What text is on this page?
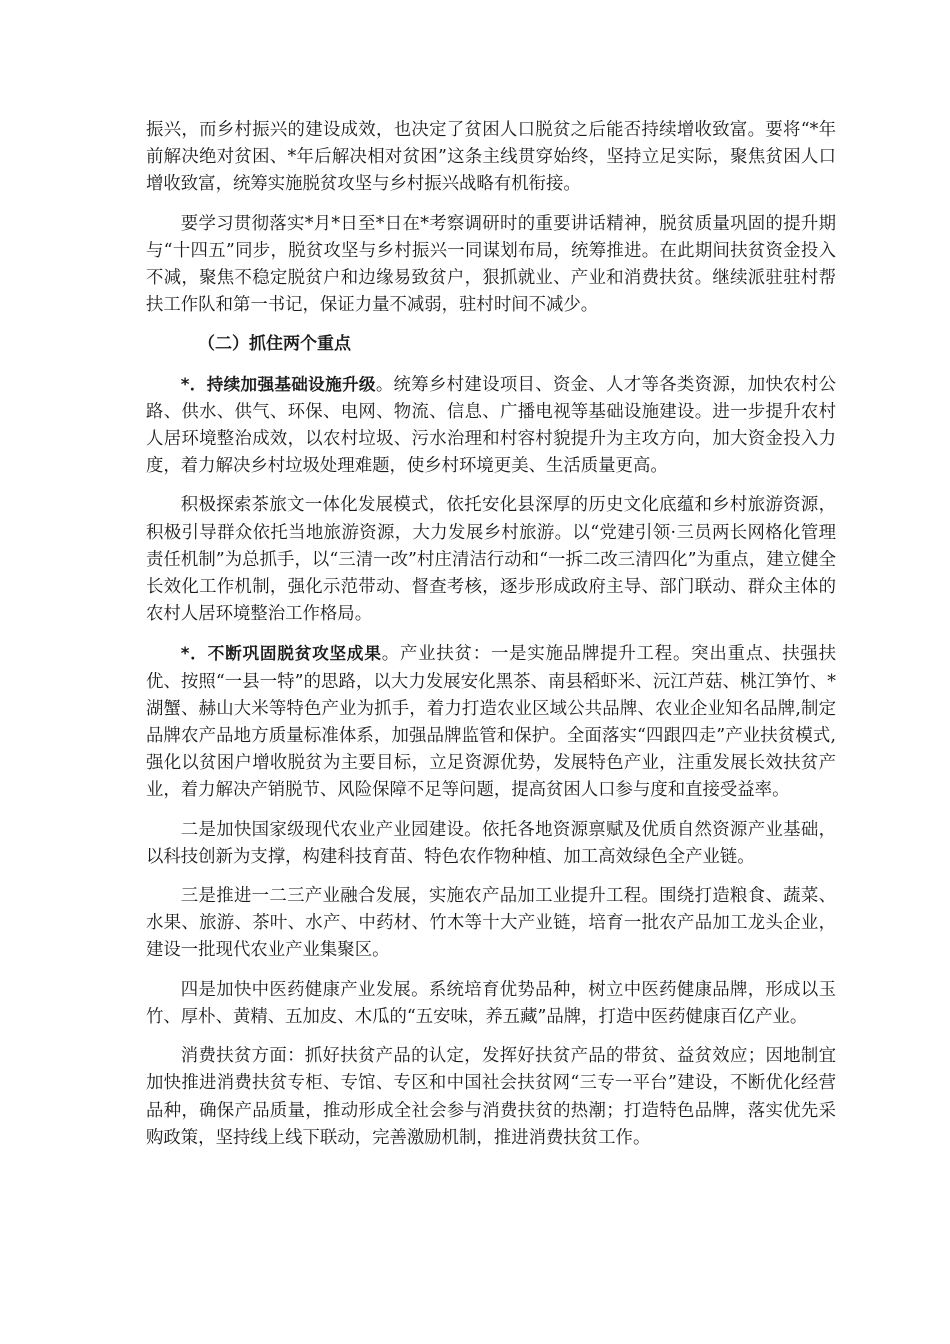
振兴，而乡村振兴的建设成效，也决定了贫困人口脱贫之后能否持续增收致富。要将“*年前解决绝对贫困、*年后解决相对贫困”这条主线贯穿始终，坚持立足实际，聚焦贫困人口增收致富，统筹实施脱贫攻坚与乡村振兴战略有机衔接。

要学习贯彻落实*月*日至*日在*考察调研时的重要讲话精神，脱贫质量巩固的提升期与“十四五”同步，脱贫攻坚与乡村振兴一同谋划布局，统筹推进。在此期间扶贫资金投入不减，聚焦不稳定脱贫户和边缘易致贫户，狠抓就业、产业和消费扶贫。继续派驻驻村帮扶工作队和第一书记，保证力量不减弱，驻村时间不减少。

（二）抓住两个重点

*．持续加强基础设施升级。统筹乡村建设项目、资金、人才等各类资源，加快农村公路、供水、供气、环保、电网、物流、信息、广播电视等基础设施建设。进一步提升农村人居环境整治成效，以农村垃圾、污水治理和村容村貌提升为主攻方向，加大资金投入力度，着力解决乡村垃圾处理难题，使乡村环境更美、生活质量更高。

积极探索茶旅文一体化发展模式，依托安化县深厚的历史文化底蕴和乡村旅游资源，积极引导群众依托当地旅游资源，大力发展乡村旅游。以“党建引领·三员两长网格化管理责任机制”为总抓手，以“三清一改”村庄清洁行动和“一拆二改三清四化”为重点，建立健全长效化工作机制，强化示范带动、督查考核，逐步形成政府主导、部门联动、群众主体的农村人居环境整治工作格局。

*．不断巩固脱贫攻坚成果。产业扶贫：一是实施品牌提升工程。突出重点、扶强扶优、按照“一县一特”的思路，以大力发展安化黑茶、南县稻虾米、沅江芦菇、桃江笋竹、*湖蟹、赫山大米等特色产业为抓手，着力打造农业区域公共品牌、农业企业知名品牌,制定品牌农产品地方质量标准体系，加强品牌监管和保护。全面落实“四跟四走”产业扶贫模式,强化以贫困户增收脱贫为主要目标，立足资源优势，发展特色产业，注重发展长效扶贫产业，着力解决产销脱节、风险保障不足等问题，提高贫困人口参与度和直接受益率。

二是加快国家级现代农业产业园建设。依托各地资源禀赋及优质自然资源产业基础，以科技创新为支撑，构建科技育苗、特色农作物种植、加工高效绿色全产业链。

三是推进一二三产业融合发展，实施农产品加工业提升工程。围绕打造粮食、蔬菜、水果、旅游、茶叶、水产、中药材、竹木等十大产业链，培育一批农产品加工龙头企业，建设一批现代农业产业集聚区。

四是加快中医药健康产业发展。系统培育优势品种，树立中医药健康品牌，形成以玉竹、厚朴、黄精、五加皮、木瓜的“五安味，养五藏”品牌，打造中医药健康百亿产业。

消费扶贫方面：抓好扶贫产品的认定，发挥好扶贫产品的带贫、益贫效应；因地制宜加快推进消费扶贫专柜、专馆、专区和中国社会扶贫网“三专一平台”建设，不断优化经营品种，确保产品质量，推动形成全社会参与消费扶贫的热潮；打造特色品牌，落实优先采购政策，坚持线上线下联动，完善激励机制，推进消费扶贫工作。
